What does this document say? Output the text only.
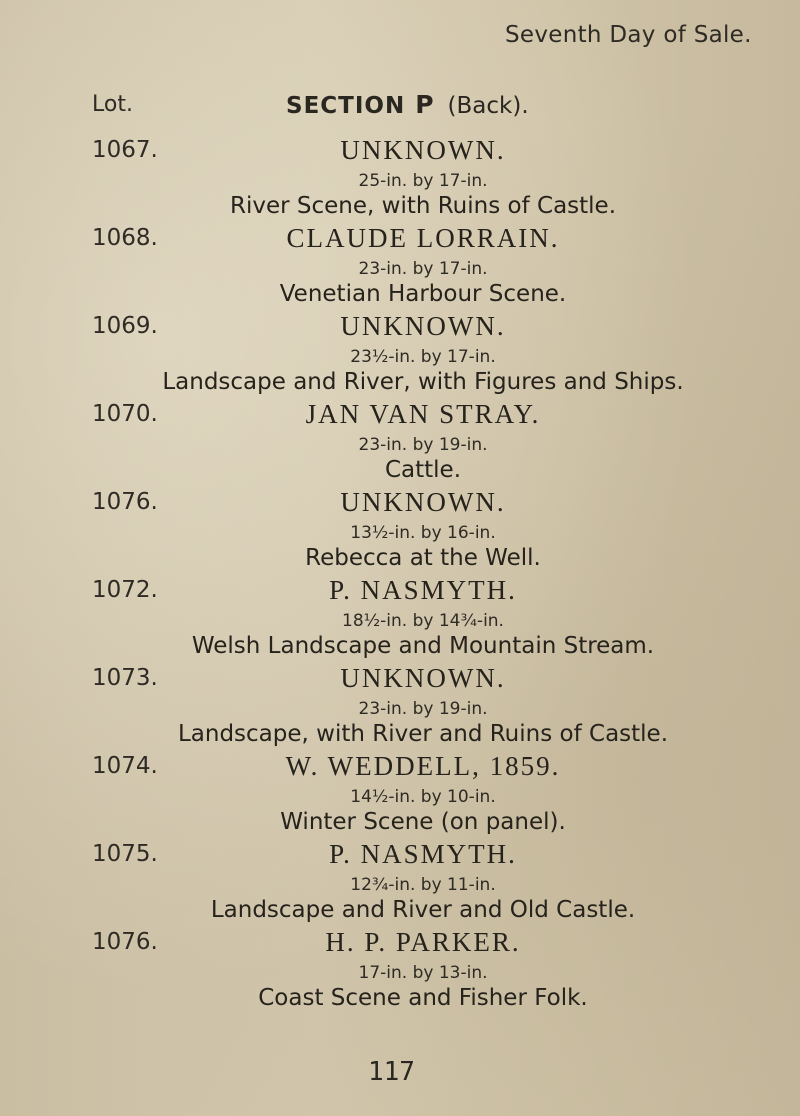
Seventh Day of Sale.
Lot.	SECTION P (Back).
1067.	UNKNOWN.
25-in. by 17-in.
River Scene, with Ruins of Castle.
1068.	CLAUDE LORRAIN.
23-in. by 17-in.
Venetian Harbour Scene.
1069.	UNKNOWN.
23½-in. by 17-in.
Landscape and River, with Figures and Ships.
1070.	JAN VAN STRAY.
23-in. by 19-in.
Cattle.
1076.	UNKNOWN.
13½-in. by 16-in.
Rebecca at the Well.
1072.	P. NASMYTH.
18½-in. by 14¾-in.
Welsh Landscape and Mountain Stream.
1073.	UNKNOWN.
23-in. by 19-in.
Landscape, with River and Ruins of Castle.
1074.	W. WEDDELL, 1859.
14½-in. by 10-in.
Winter Scene (on panel).
1075.	P. NASMYTH.
12¾-in. by 11-in.
Landscape and River and Old Castle.
1076.	H. P. PARKER.
17-in. by 13-in.
Coast Scene and Fisher Folk.
117
